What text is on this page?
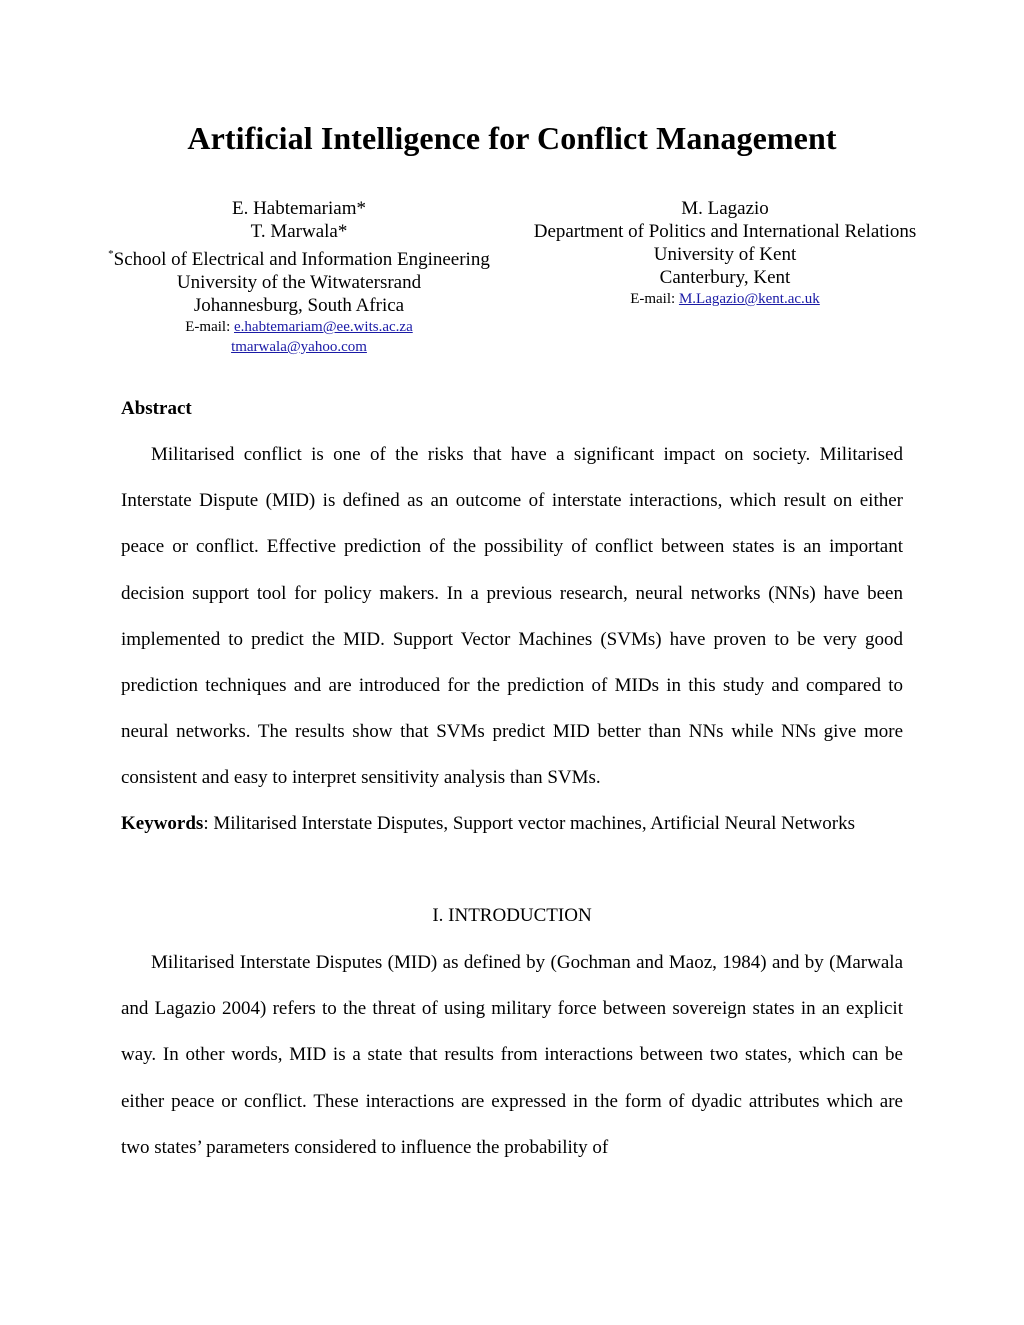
Artificial Intelligence for Conflict Management
E. Habtemariam*
T. Marwala*
*School of Electrical and Information Engineering
University of the Witwatersrand
Johannesburg, South Africa
E-mail: e.habtemariam@ee.wits.ac.za
tmarwala@yahoo.com
M. Lagazio
Department of Politics and International Relations
University of Kent
Canterbury, Kent
E-mail: M.Lagazio@kent.ac.uk
Abstract

Militarised conflict is one of the risks that have a significant impact on society. Militarised Interstate Dispute (MID) is defined as an outcome of interstate interactions, which result on either peace or conflict. Effective prediction of the possibility of conflict between states is an important decision support tool for policy makers. In a previous research, neural networks (NNs) have been implemented to predict the MID. Support Vector Machines (SVMs) have proven to be very good prediction techniques and are introduced for the prediction of MIDs in this study and compared to neural networks. The results show that SVMs predict MID better than NNs while NNs give more consistent and easy to interpret sensitivity analysis than SVMs.

Keywords: Militarised Interstate Disputes, Support vector machines, Artificial Neural Networks
I. INTRODUCTION

Militarised Interstate Disputes (MID) as defined by (Gochman and Maoz, 1984) and by (Marwala and Lagazio 2004) refers to the threat of using military force between sovereign states in an explicit way. In other words, MID is a state that results from interactions between two states, which can be either peace or conflict. These interactions are expressed in the form of dyadic attributes which are two states’ parameters considered to influence the probability of
